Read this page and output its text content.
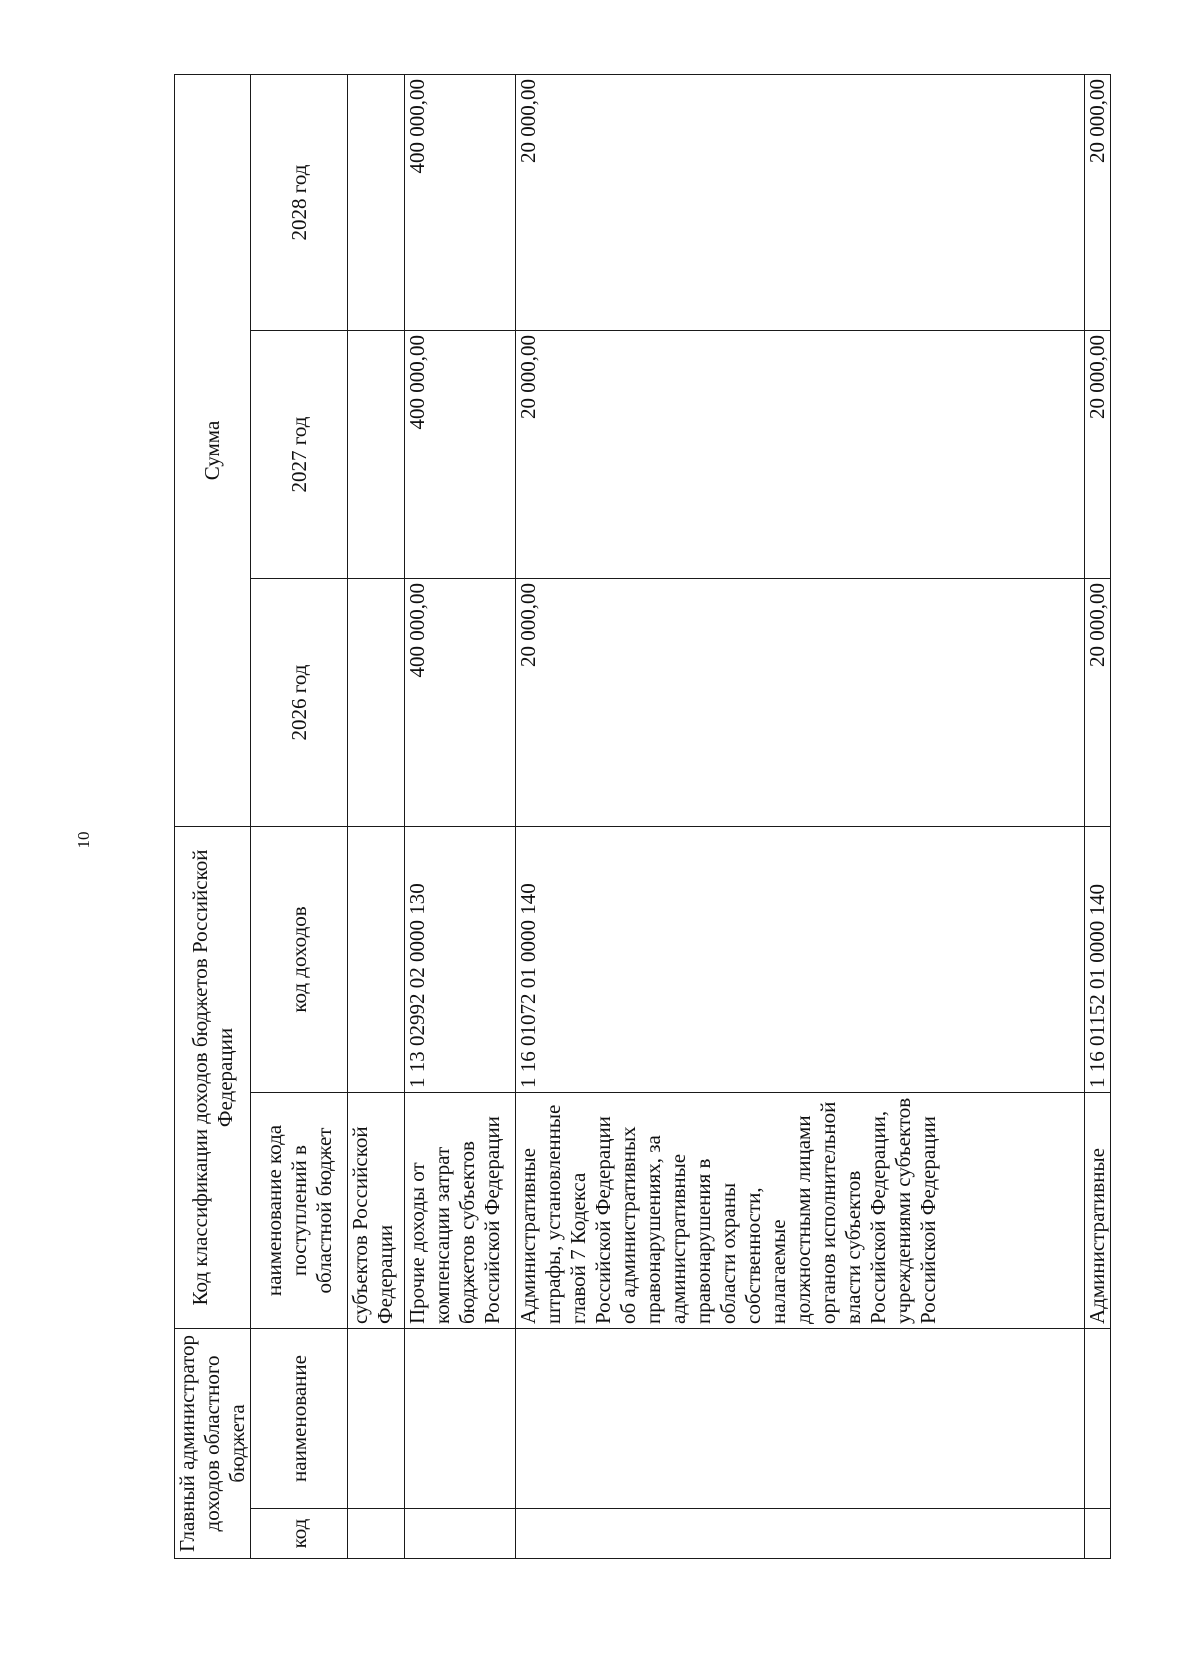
10
Главный администратор доходов областного бюджета		Код классификации доходов бюджетов Российской Федерации		Сумма		
код	наименование	наименование кода поступлений в областной бюджет	код доходов	2026 год	2027 год	2028 год
		субъектов Российской Федерации				
		Прочие доходы от компенсации затрат бюджетов субъектов Российской Федерации	1 13 02992 02 0000 130	400 000,00	400 000,00	400 000,00
		Административные штрафы, установленные главой 7 Кодекса Российской Федерации об административных правонарушениях, за административные правонарушения в области охраны собственности, налагаемые должностными лицами органов исполнительной власти субъектов Российской Федерации, учреждениями субъектов Российской Федерации	1 16 01072 01 0000 140	20 000,00	20 000,00	20 000,00
		Административные	1 16 01152 01 0000 140	20 000,00	20 000,00	20 000,00
